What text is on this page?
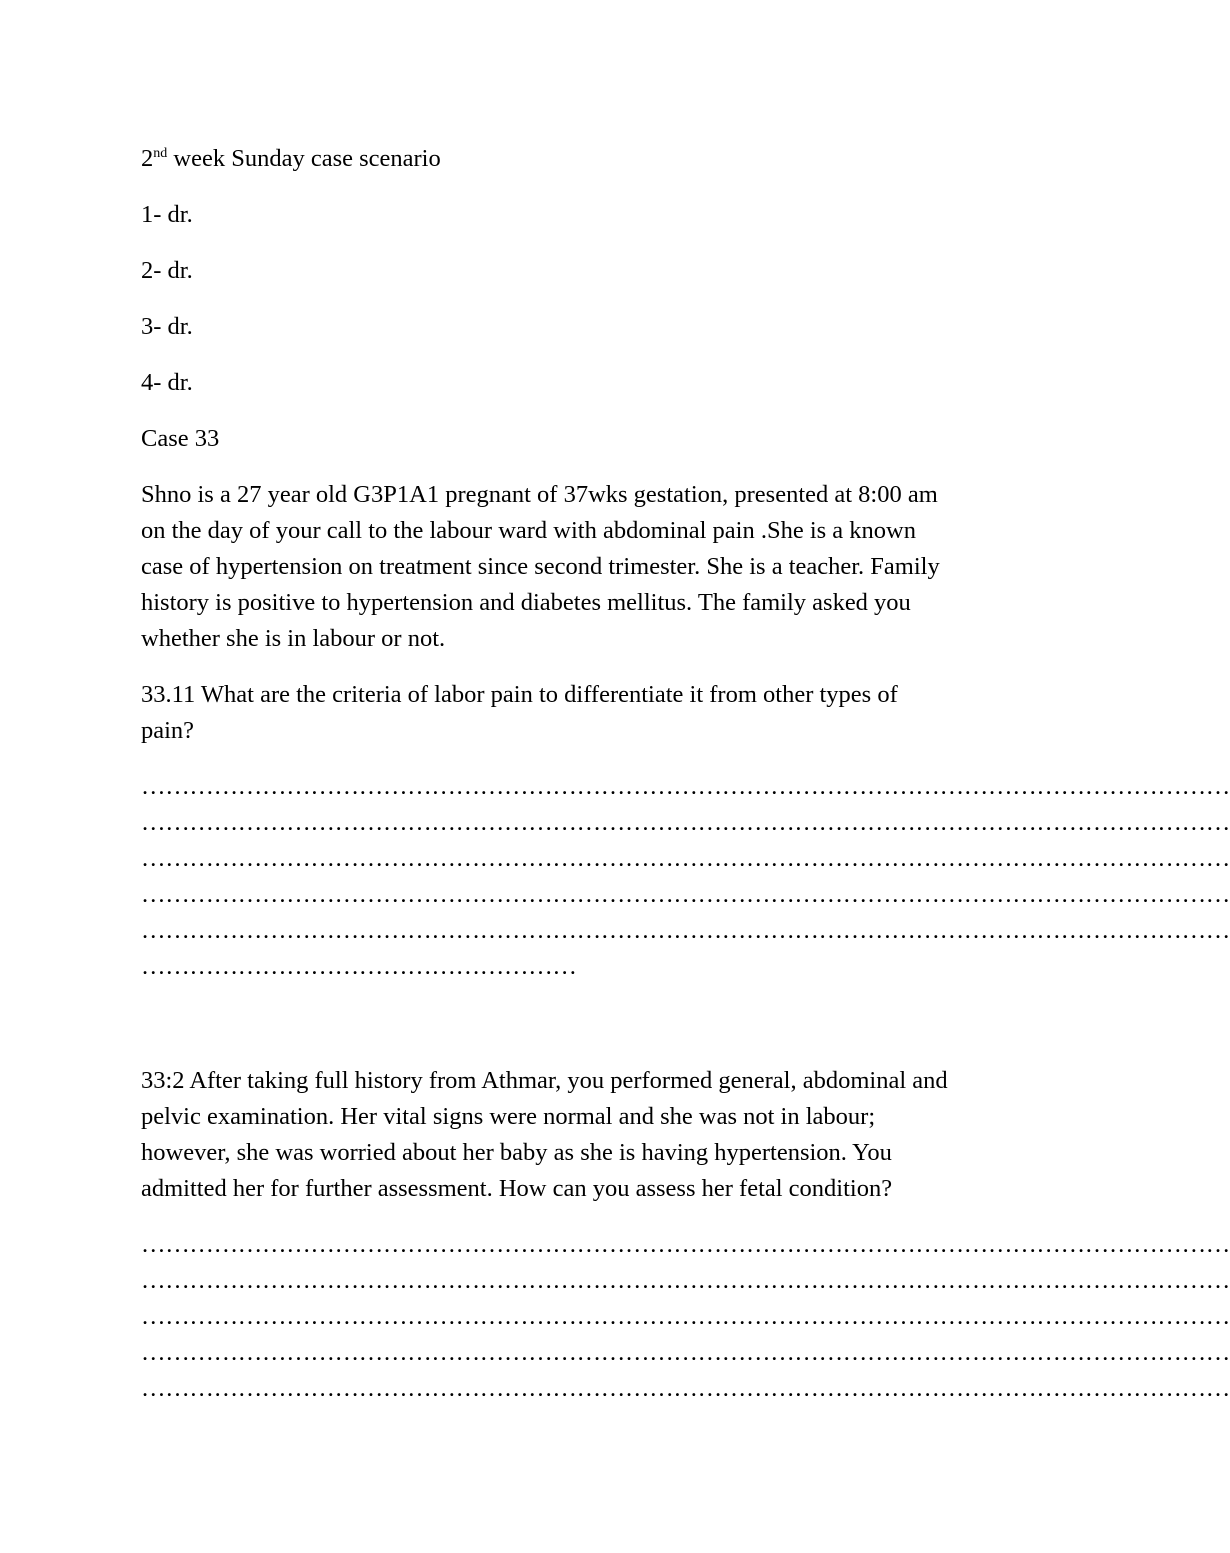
2nd week Sunday case scenario

1- dr.

2- dr.

3- dr.

4- dr.

Case 33

Shno is a 27 year old G3P1A1 pregnant of 37wks gestation, presented at 8:00 am

on the day of your call to the labour ward with abdominal pain .She is a known

case of hypertension on treatment since second trimester. She is a teacher. Family

history is positive to hypertension and diabetes mellitus. The family asked you

whether she is in labour or not.

33.11 What are the criteria of labor pain to differentiate it from other types of

pain?

………………………………………………………………………………………………………………………
………………………………………………………………………………………………………………………
………………………………………………………………………………………………………………………
………………………………………………………………………………………………………………………
………………………………………………………………………………………………………………………
………………………………………………

33:2 After taking full history from Athmar, you performed general, abdominal and

pelvic examination. Her vital signs were normal and she was not in labour;

however, she was worried about her baby as she is having hypertension. You

admitted her for further assessment. How can you assess her fetal condition?

………………………………………………………………………………………………………………………
………………………………………………………………………………………………………………………
………………………………………………………………………………………………………………………
………………………………………………………………………………………………………………………
………………………………………………………………………………………………………………………
